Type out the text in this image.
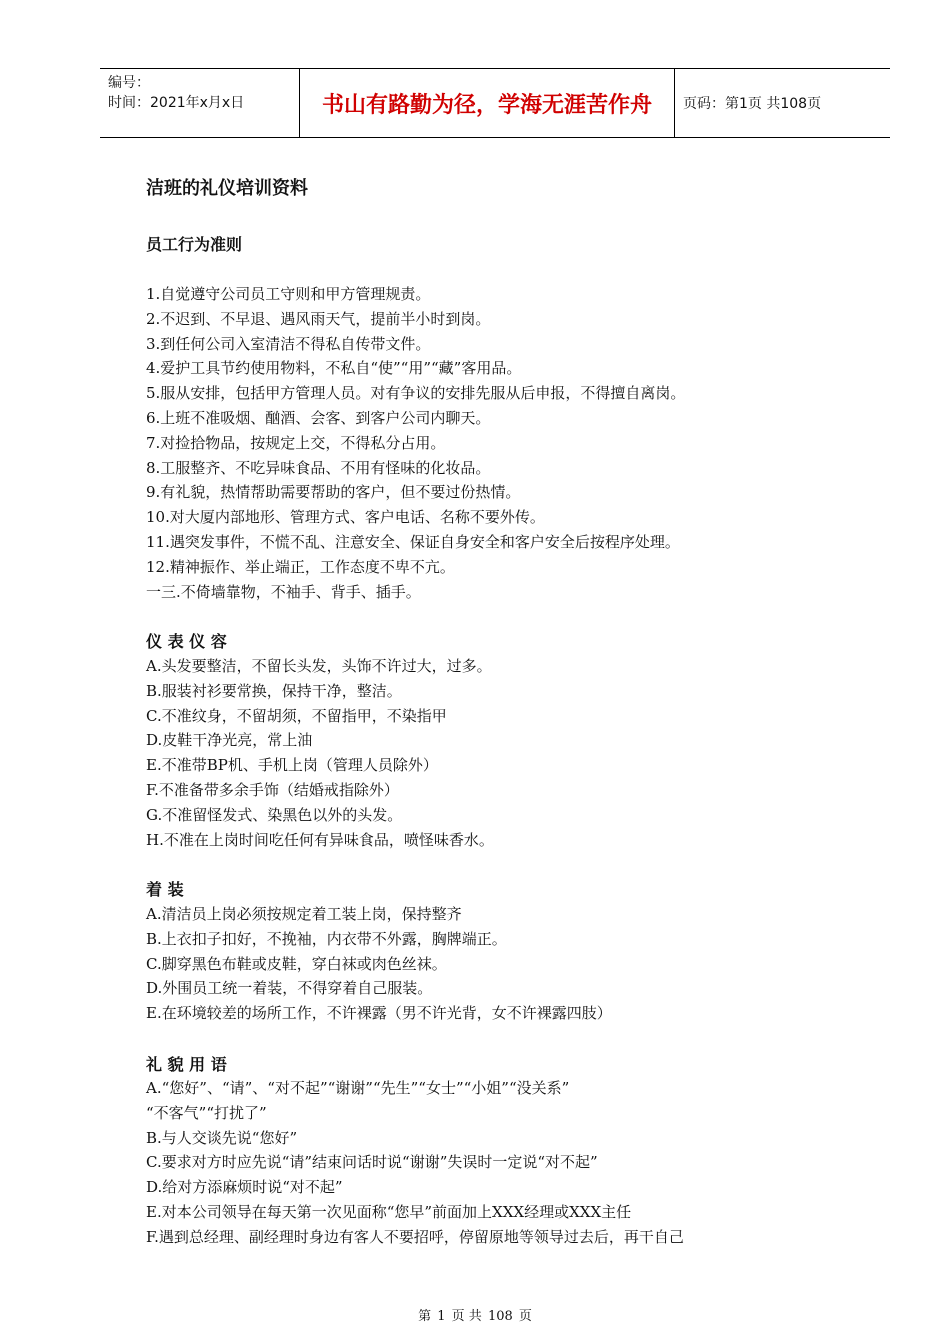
编号：
时间：2021年x月x日	书山有路勤为径，学海无涯苦作舟	页码：第1页 共108页
洁班的礼仪培训资料
员工行为准则
1.自觉遵守公司员工守则和甲方管理规责。
2.不迟到、不早退、遇风雨天气，提前半小时到岗。
3.到任何公司入室清洁不得私自传带文件。
4.爱护工具节约使用物料，不私自“使”“用”“藏”客用品。
5.服从安排，包括甲方管理人员。对有争议的安排先服从后申报，不得擅自离岗。
6.上班不准吸烟、酗酒、会客、到客户公司内聊天。
7.对捡拾物品，按规定上交，不得私分占用。
8.工服整齐、不吃异味食品、不用有怪味的化妆品。
9.有礼貌，热情帮助需要帮助的客户，但不要过份热情。
10.对大厦内部地形、管理方式、客户电话、名称不要外传。
11.遇突发事件，不慌不乱、注意安全、保证自身安全和客户安全后按程序处理。
12.精神振作、举止端正，工作态度不卑不亢。
一三.不倚墙靠物，不袖手、背手、插手。
仪 表 仪 容
A.头发要整洁，不留长头发，头饰不许过大，过多。
B.服装衬衫要常换，保持干净，整洁。
C.不准纹身，不留胡须，不留指甲，不染指甲
D.皮鞋干净光亮，常上油
E.不准带BP机、手机上岗（管理人员除外）
F.不准备带多余手饰（结婚戒指除外）
G.不准留怪发式、染黑色以外的头发。
H.不准在上岗时间吃任何有异味食品，喷怪味香水。
着 装
A.清洁员上岗必须按规定着工装上岗，保持整齐
B.上衣扣子扣好，不挽袖，内衣带不外露，胸牌端正。
C.脚穿黑色布鞋或皮鞋，穿白袜或肉色丝袜。
D.外围员工统一着装，不得穿着自己服装。
E.在环境较差的场所工作，不许裸露（男不许光背，女不许裸露四肢）
礼 貌 用 语
A.“您好”、“请”、“对不起”“谢谢”“先生”“女士”“小姐”“没关系”
“不客气”“打扰了”
B.与人交谈先说“您好”
C.要求对方时应先说“请”结束问话时说“谢谢”失误时一定说“对不起”
D.给对方添麻烦时说“对不起”
E.对本公司领导在每天第一次见面称“您早”前面加上XXX经理或XXX主任
F.遇到总经理、副经理时身边有客人不要招呼，停留原地等领导过去后，再干自己
第 1 页 共 108 页
